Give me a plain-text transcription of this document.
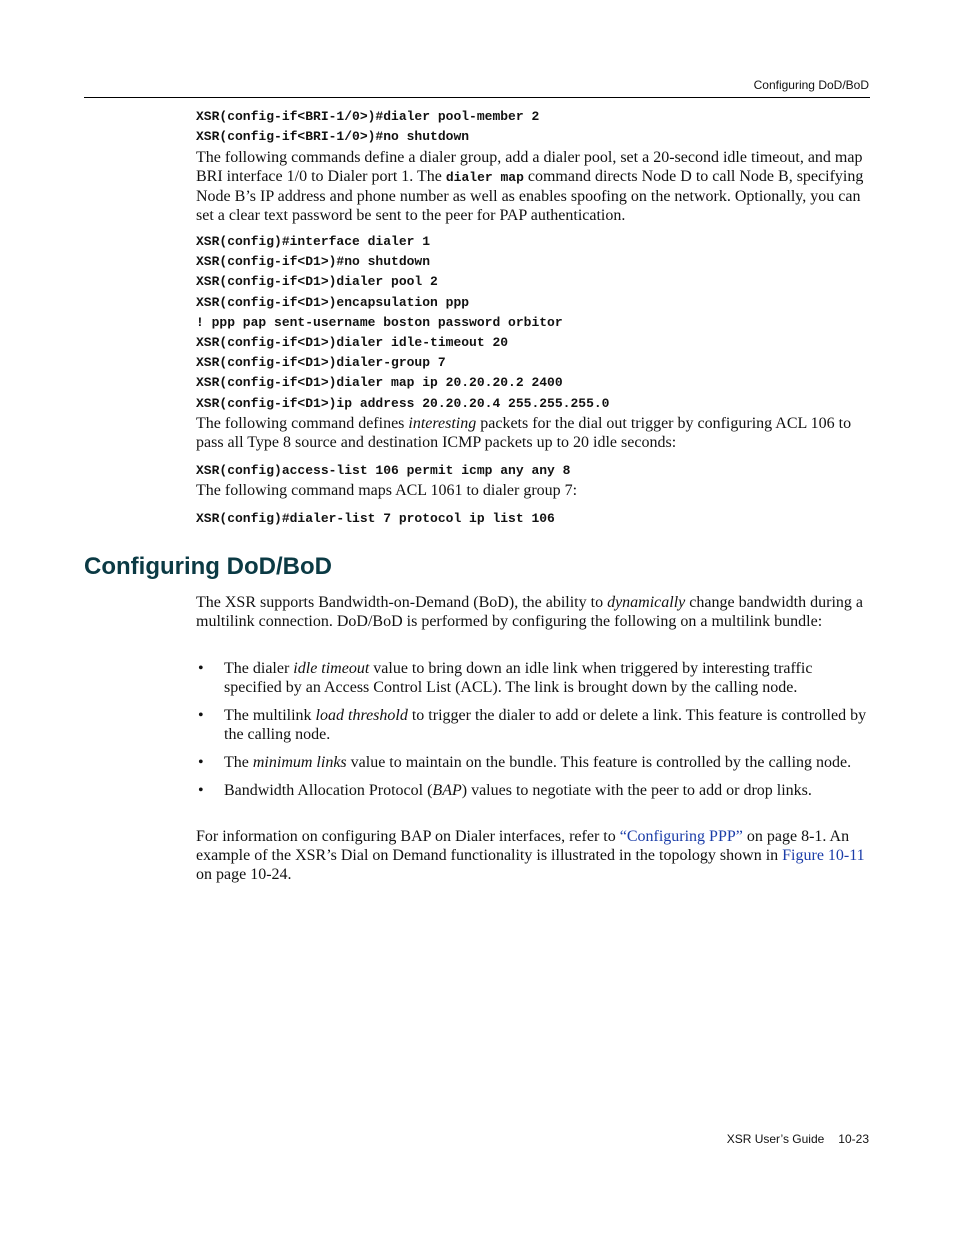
Configuring DoD/BoD
XSR(config-if<BRI-1/0>)#dialer pool-member 2
XSR(config-if<BRI-1/0>)#no shutdown

The following commands define a dialer group, add a dialer pool, set a 20-second idle timeout, and map BRI interface 1/0 to Dialer port 1. The dialer map command directs Node D to call Node B, specifying Node B’s IP address and phone number as well as enables spoofing on the network. Optionally, you can set a clear text password be sent to the peer for PAP authentication.

XSR(config)#interface dialer 1
XSR(config-if<D1>)#no shutdown
XSR(config-if<D1>)dialer pool 2
XSR(config-if<D1>)encapsulation ppp
! ppp pap sent-username boston password orbitor
XSR(config-if<D1>)dialer idle-timeout 20
XSR(config-if<D1>)dialer-group 7
XSR(config-if<D1>)dialer map ip 20.20.20.2 2400
XSR(config-if<D1>)ip address 20.20.20.4 255.255.255.0

The following command defines interesting packets for the dial out trigger by configuring ACL 106 to pass all Type 8 source and destination ICMP packets up to 20 idle seconds:

XSR(config)access-list 106 permit icmp any any 8

The following command maps ACL 1061 to dialer group 7:

XSR(config)#dialer-list 7 protocol ip list 106
Configuring DoD/BoD

The XSR supports Bandwidth-on-Demand (BoD), the ability to dynamically change bandwidth during a multilink connection. DoD/BoD is performed by configuring the following on a multilink bundle:

• The dialer idle timeout value to bring down an idle link when triggered by interesting traffic specified by an Access Control List (ACL). The link is brought down by the calling node.
• The multilink load threshold to trigger the dialer to add or delete a link. This feature is controlled by the calling node.
• The minimum links value to maintain on the bundle. This feature is controlled by the calling node.
• Bandwidth Allocation Protocol (BAP) values to negotiate with the peer to add or drop links.

For information on configuring BAP on Dialer interfaces, refer to “Configuring PPP” on page 8-1. An example of the XSR’s Dial on Demand functionality is illustrated in the topology shown in Figure 10-11 on page 10-24.

XSR User’s Guide 10-23
